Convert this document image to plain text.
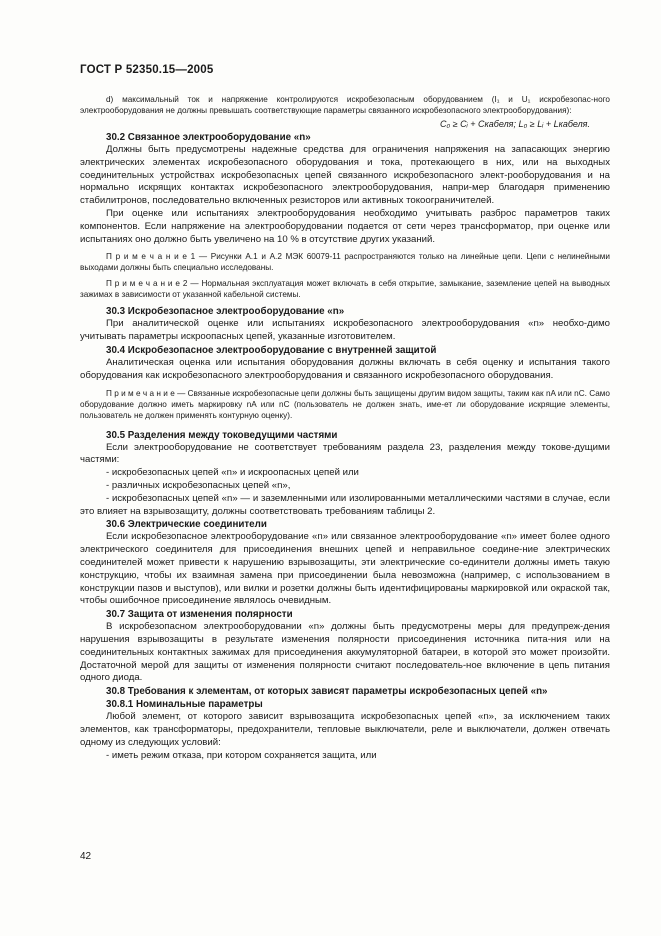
ГОСТ Р 52350.15—2005

d) максимальный ток и напряжение контролируются искробезопасным оборудованием (I₁ и U₁ искробезопас-ного электрооборудования не должны превышать соответствующие параметры связанного искробезопасного электрооборудования):

C₀ ≥ Cᵢ + Cкабеля; L₀ ≥ Lᵢ + Lкабеля.
30.2 Связанное электрооборудование «n»

Должны быть предусмотрены надежные средства для ограничения напряжения на запасающих энергию электрических элементах искробезопасного оборудования и тока, протекающего в них, или на выходных соединительных устройствах искробезопасных цепей связанного искробезопасного элект-рооборудования и на нормально искрящих контактах искробезопасного электрооборудования, напри-мер благодаря применению стабилитронов, последовательно включенных резисторов или активных токоограничителей.

При оценке или испытаниях электрооборудования необходимо учитывать разброс параметров таких компонентов. Если напряжение на электрооборудовании подается от сети через трансформатор, при оценке или испытаниях оно должно быть увеличено на 10 % в отсутствие других указаний.

П р и м е ч а н и е 1 — Рисунки А.1 и А.2 МЭК 60079-11 распространяются только на линейные цепи. Цепи с нелинейными выходами должны быть специально исследованы.

П р и м е ч а н и е 2 — Нормальная эксплуатация может включать в себя открытие, замыкание, заземление цепей на выводных зажимах в зависимости от указанной кабельной системы.

30.3 Искробезопасное электрооборудование «n»

При аналитической оценке или испытаниях искробезопасного электрооборудования «n» необхо-димо учитывать параметры искроопасных цепей, указанные изготовителем.

30.4 Искробезопасное электрооборудование с внутренней защитой

Аналитическая оценка или испытания оборудования должны включать в себя оценку и испытания такого оборудования как искробезопасного электрооборудования и связанного искробезопасного оборудования.

П р и м е ч а н и е — Связанные искробезопасные цепи должны быть защищены другим видом защиты, таким как nA или nC. Само оборудование должно иметь маркировку nA или nC (пользователь не должен знать, име-ет ли оборудование искрящие элементы, пользователь не должен применять контурную оценку).

30.5 Разделения между токоведущими частями

Если электрооборудование не соответствует требованиям раздела 23, разделения между токове-дущими частями:

- искробезопасных цепей «n» и искроопасных цепей или

- различных искробезопасных цепей «n»,

- искробезопасных цепей «n» — и заземленными или изолированными металлическими частями в случае, если это влияет на взрывозащиту, должны соответствовать требованиям таблицы 2.

30.6 Электрические соединители

Если искробезопасное электрооборудование «n» или связанное электрооборудование «n» имеет более одного электрического соединителя для присоединения внешних цепей и неправильное соедине-ние электрических соединителей может привести к нарушению взрывозащиты, эти электрические со-единители должны иметь такую конструкцию, чтобы их взаимная замена при присоединении была невозможна (например, с использованием в конструкции пазов и выступов), или вилки и розетки должны быть идентифицированы маркировкой или окраской так, чтобы ошибочное присоединение являлось очевидным.

30.7 Защита от изменения полярности

В искробезопасном электрооборудовании «n» должны быть предусмотрены меры для предупреж-дения нарушения взрывозащиты в результате изменения полярности присоединения источника пита-ния или на соединительных контактных зажимах для присоединения аккумуляторной батареи, в которой это может произойти. Достаточной мерой для защиты от изменения полярности считают последователь-ное включение в цепь питания одного диода.

30.8 Требования к элементам, от которых зависят параметры искробезопасных цепей «n»
30.8.1 Номинальные параметры

Любой элемент, от которого зависит взрывозащита искробезопасных цепей «n», за исключением таких элементов, как трансформаторы, предохранители, тепловые выключатели, реле и выключатели, должен отвечать одному из следующих условий:

- иметь режим отказа, при котором сохраняется защита, или

42
